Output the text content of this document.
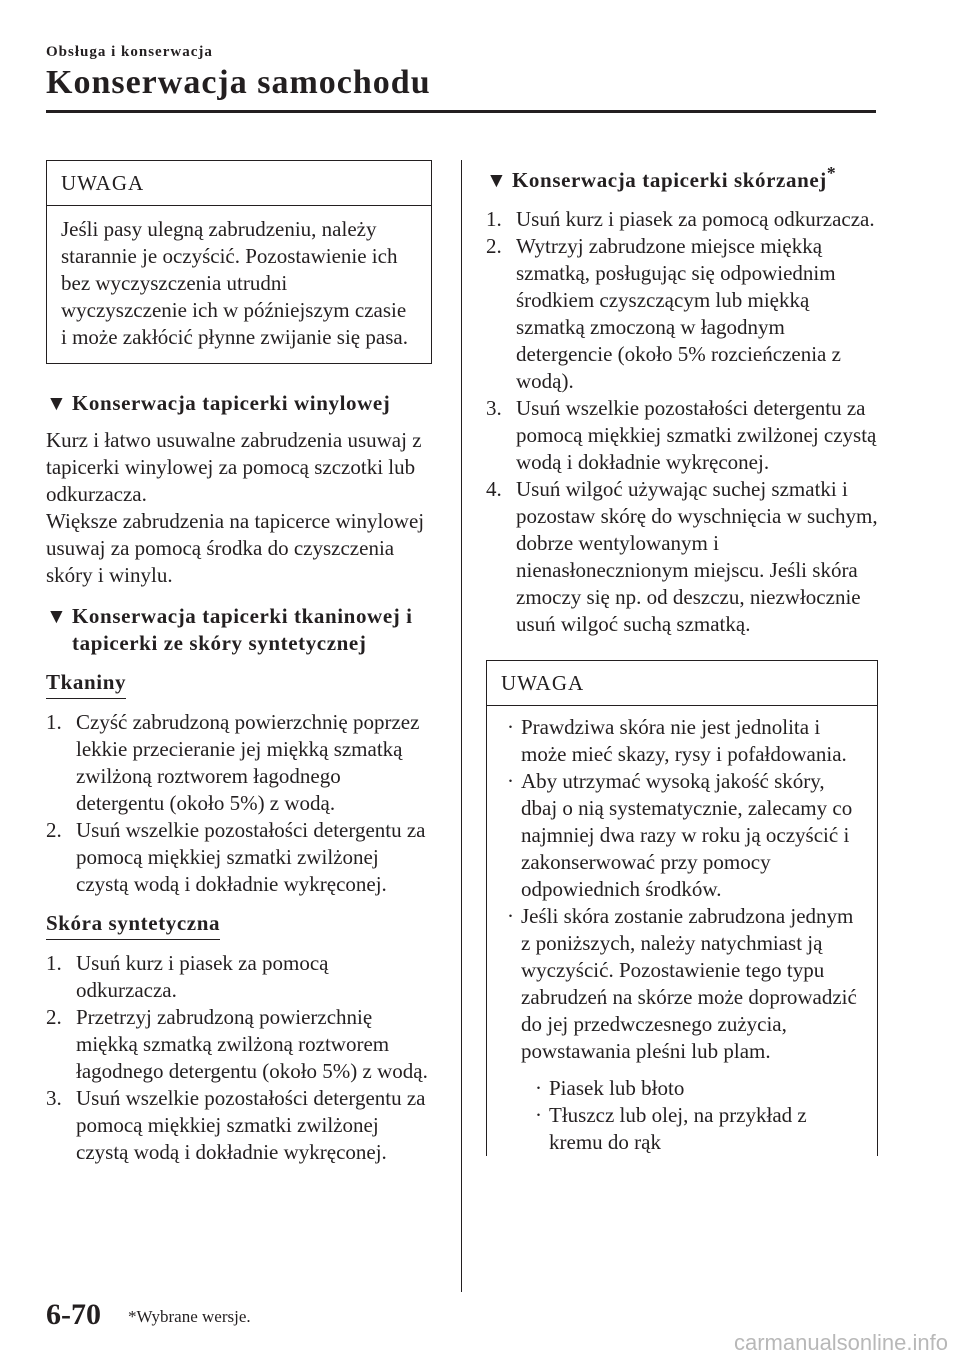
Obsługa i konserwacja
Konserwacja samochodu
UWAGA

Jeśli pasy ulegną zabrudzeniu, należy starannie je oczyścić. Pozostawienie ich bez wyczyszczenia utrudni wyczyszczenie ich w późniejszym czasie i może zakłócić płynne zwijanie się pasa.

▼ Konserwacja tapicerki winylowej

Kurz i łatwo usuwalne zabrudzenia usuwaj z tapicerki winylowej za pomocą szczotki lub odkurzacza.

Większe zabrudzenia na tapicerce winylowej usuwaj za pomocą środka do czyszczenia skóry i winylu.

▼ Konserwacja tapicerki tkaninowej i tapicerki ze skóry syntetycznej

Tkaniny
1. Czyść zabrudzoną powierzchnię poprzez lekkie przecieranie jej miękką szmatką zwilżoną roztworem łagodnego detergentu (około 5%) z wodą.
2. Usuń wszelkie pozostałości detergentu za pomocą miękkiej szmatki zwilżonej czystą wodą i dokładnie wykręconej.
Skóra syntetyczna
1. Usuń kurz i piasek za pomocą odkurzacza.
2. Przetrzyj zabrudzoną powierzchnię miękką szmatką zwilżoną roztworem łagodnego detergentu (około 5%) z wodą.
3. Usuń wszelkie pozostałości detergentu za pomocą miękkiej szmatki zwilżonej czystą wodą i dokładnie wykręconej.

▼ Konserwacja tapicerki skórzanej*

1. Usuń kurz i piasek za pomocą odkurzacza.
2. Wytrzyj zabrudzone miejsce miękką szmatką, posługując się odpowiednim środkiem czyszczącym lub miękką szmatką zmoczoną w łagodnym detergencie (około 5% rozcieńczenia z wodą).
3. Usuń wszelkie pozostałości detergentu za pomocą miękkiej szmatki zwilżonej czystą wodą i dokładnie wykręconej.
4. Usuń wilgoć używając suchej szmatki i pozostaw skórę do wyschnięcia w suchym, dobrze wentylowanym i nienasłonecznionym miejscu. Jeśli skóra zmoczy się np. od deszczu, niezwłocznie usuń wilgoć suchą szmatką.
UWAGA
· Prawdziwa skóra nie jest jednolita i może mieć skazy, rysy i pofałdowania.
· Aby utrzymać wysoką jakość skóry, dbaj o nią systematycznie, zalecamy co najmniej dwa razy w roku ją oczyścić i zakonserwować przy pomocy odpowiednich środków.
· Jeśli skóra zostanie zabrudzona jednym z poniższych, należy natychmiast ją wyczyścić. Pozostawienie tego typu zabrudzeń na skórze może doprowadzić do jej przedwczesnego zużycia, powstawania pleśni lub plam.
· Piasek lub błoto
· Tłuszcz lub olej, na przykład z kremu do rąk
6-70 *Wybrane wersje.
carmanualsonline.info
